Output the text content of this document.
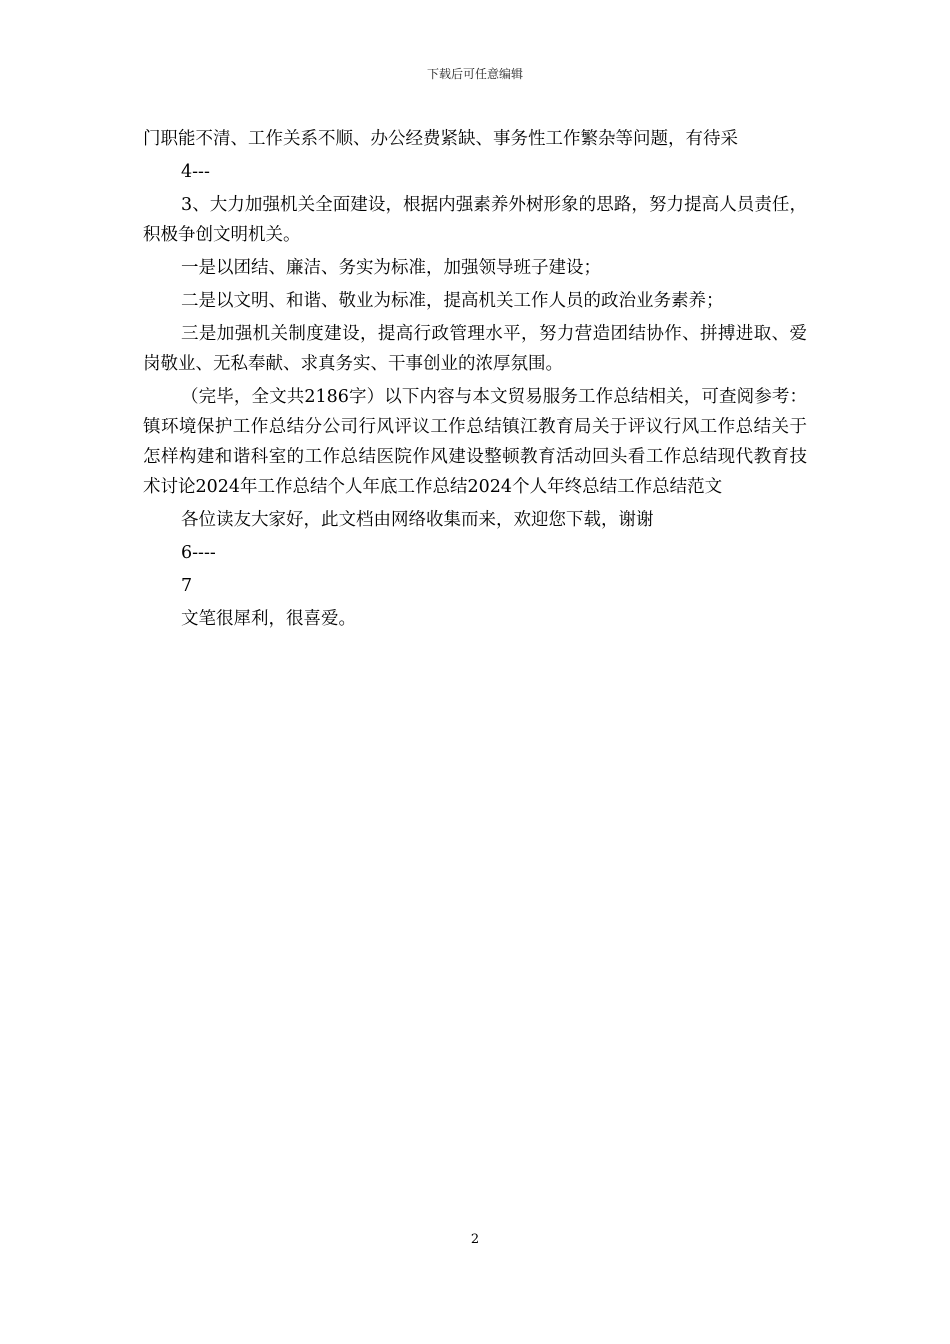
下载后可任意编辑

门职能不清、工作关系不顺、办公经费紧缺、事务性工作繁杂等问题，有待采

4---

3、大力加强机关全面建设，根据内强素养外树形象的思路，努力提高人员责任，积极争创文明机关。

一是以团结、廉洁、务实为标准，加强领导班子建设；

二是以文明、和谐、敬业为标准，提高机关工作人员的政治业务素养；

三是加强机关制度建设，提高行政管理水平，努力营造团结协作、拼搏进取、爱岗敬业、无私奉献、求真务实、干事创业的浓厚氛围。

（完毕，全文共2186字）以下内容与本文贸易服务工作总结相关，可查阅参考：镇环境保护工作总结分公司行风评议工作总结镇江教育局关于评议行风工作总结关于怎样构建和谐科室的工作总结医院作风建设整顿教育活动回头看工作总结现代教育技术讨论2024年工作总结个人年底工作总结2024个人年终总结工作总结范文

各位读友大家好，此文档由网络收集而来，欢迎您下载，谢谢

6----

7

文笔很犀利，很喜爱。

2
